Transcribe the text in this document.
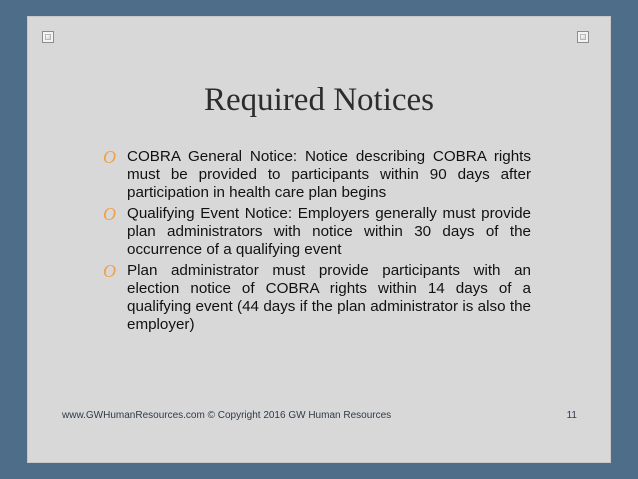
Required Notices
O COBRA General Notice: Notice describing COBRA rights must be provided to participants within 90 days after participation in health care plan begins
O Qualifying Event Notice: Employers generally must provide plan administrators with notice within 30 days of the occurrence of a qualifying event
O Plan administrator must provide participants with an election notice of COBRA rights within 14 days of a qualifying event (44 days if the plan administrator is also the employer)
www.GWHumanResources.com © Copyright 2016 GW Human Resources	11
